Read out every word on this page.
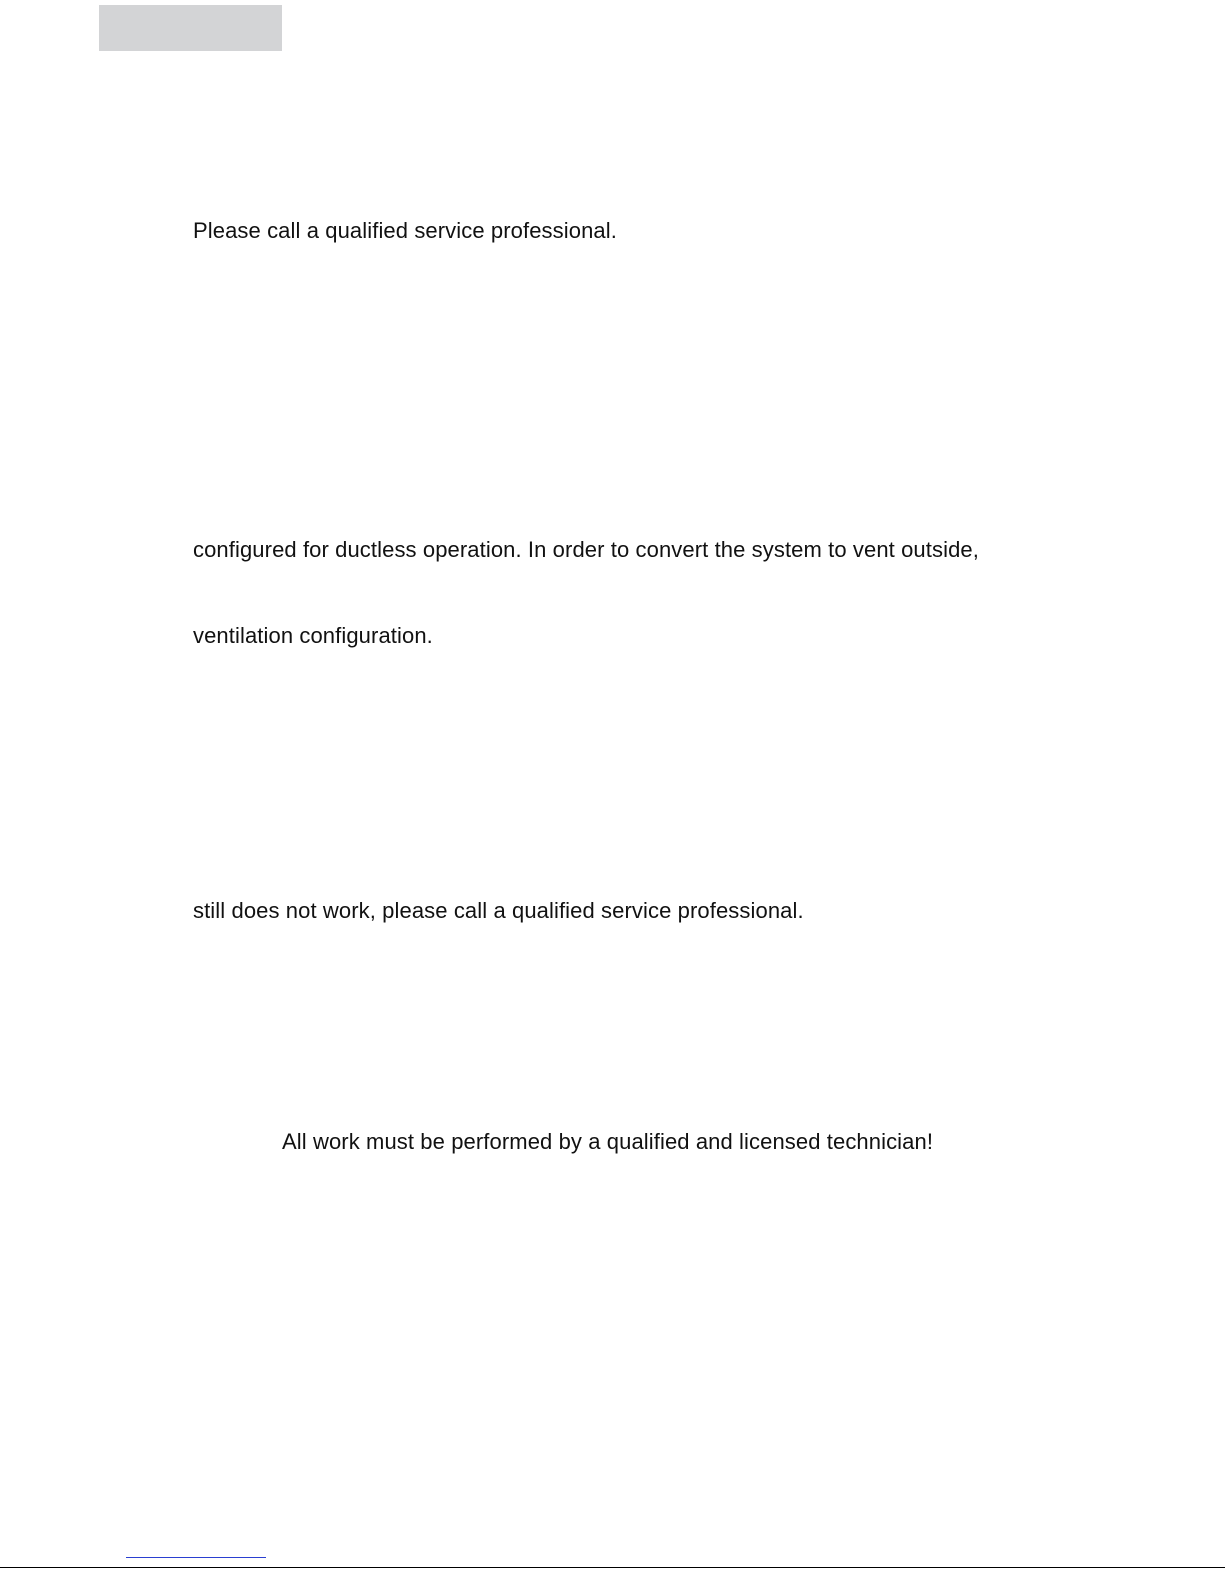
Please call a qualified service professional.
configured for ductless operation. In order to convert the system to vent outside,
ventilation configuration.
still does not work, please call a qualified service professional.
All work must be performed by a qualified and licensed technician!
